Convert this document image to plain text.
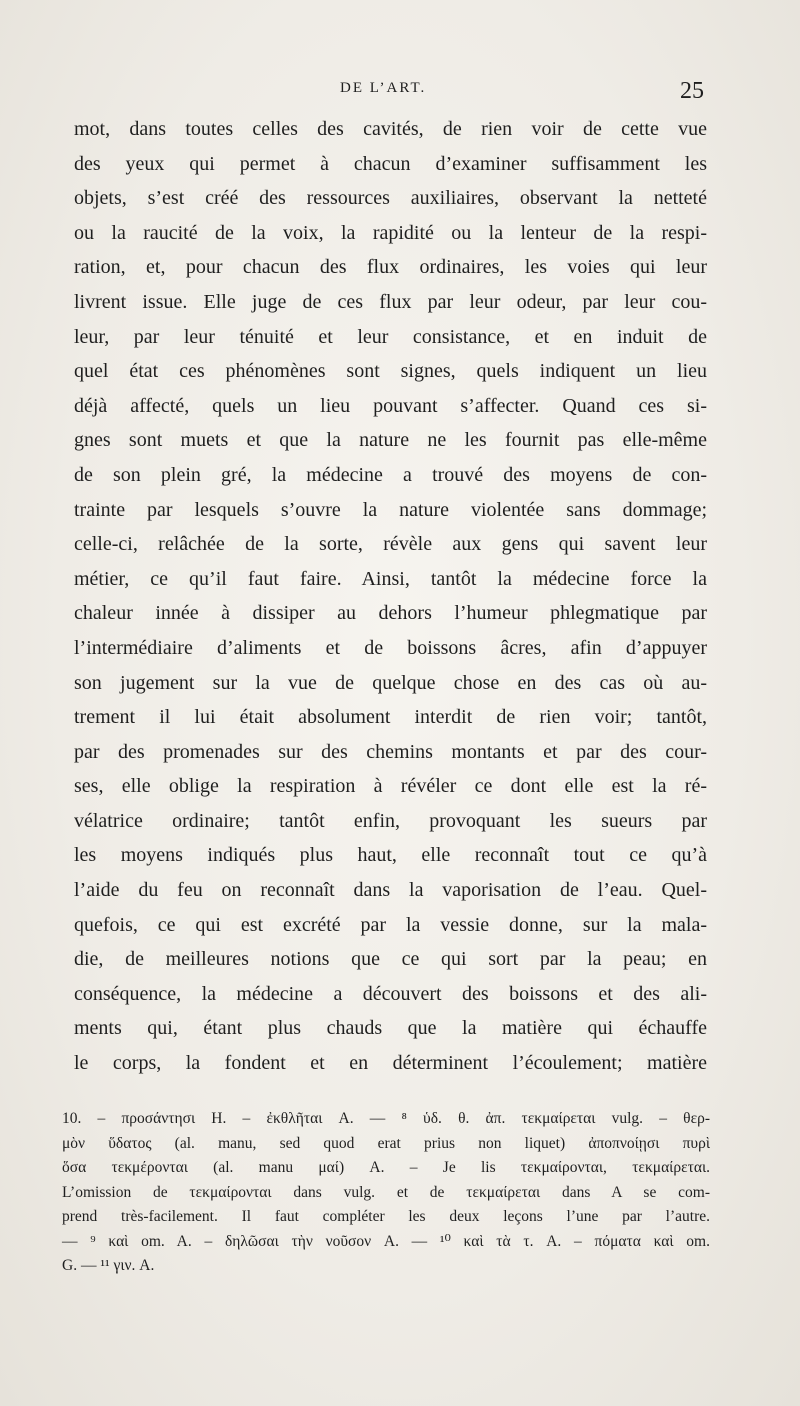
DE L’ART.	25
mot, dans toutes celles des cavités, de rien voir de cette vue
des yeux qui permet à chacun d’examiner suffisamment les
objets, s’est créé des ressources auxiliaires, observant la netteté
ou la raucité de la voix, la rapidité ou la lenteur de la respi-
ration, et, pour chacun des flux ordinaires, les voies qui leur
livrent issue. Elle juge de ces flux par leur odeur, par leur cou-
leur, par leur ténuité et leur consistance, et en induit de
quel état ces phénomènes sont signes, quels indiquent un lieu
déjà affecté, quels un lieu pouvant s’affecter. Quand ces si-
gnes sont muets et que la nature ne les fournit pas elle-même
de son plein gré, la médecine a trouvé des moyens de con-
trainte par lesquels s’ouvre la nature violentée sans dommage;
celle-ci, relâchée de la sorte, révèle aux gens qui savent leur
métier, ce qu’il faut faire. Ainsi, tantôt la médecine force la
chaleur innée à dissiper au dehors l’humeur phlegmatique par
l’intermédiaire d’aliments et de boissons âcres, afin d’appuyer
son jugement sur la vue de quelque chose en des cas où au-
trement il lui était absolument interdit de rien voir; tantôt,
par des promenades sur des chemins montants et par des cour-
ses, elle oblige la respiration à révéler ce dont elle est la ré-
vélatrice ordinaire; tantôt enfin, provoquant les sueurs par
les moyens indiqués plus haut, elle reconnaît tout ce qu’à
l’aide du feu on reconnaît dans la vaporisation de l’eau. Quel-
quefois, ce qui est excrété par la vessie donne, sur la mala-
die, de meilleures notions que ce qui sort par la peau; en
conséquence, la médecine a découvert des boissons et des ali-
ments qui, étant plus chauds que la matière qui échauffe
le corps, la fondent et en déterminent l’écoulement; matière
10. – προσάντησι H. – ἐκθλῆται A. — ⁸ ὑδ. θ. ἀπ. τεκμαίρεται vulg. – θερ-
μὸν ὕδατος (al. manu, sed quod erat prius non liquet) ἀποπνοίῃσι πυρὶ
ὅσα τεκμέρονται (al. manu μαί) A. – Je lis τεκμαίρονται, τεκμαίρεται.
L’omission de τεκμαίρονται dans vulg. et de τεκμαίρεται dans A se com-
prend très-facilement. Il faut compléter les deux leçons l’une par l’autre.
— ⁹ καὶ om. A. – δηλῶσαι τὴν νοῦσον A. — ¹⁰ καὶ τὰ τ. A. – πόματα καὶ om.
G. — ¹¹ γιν. A.
